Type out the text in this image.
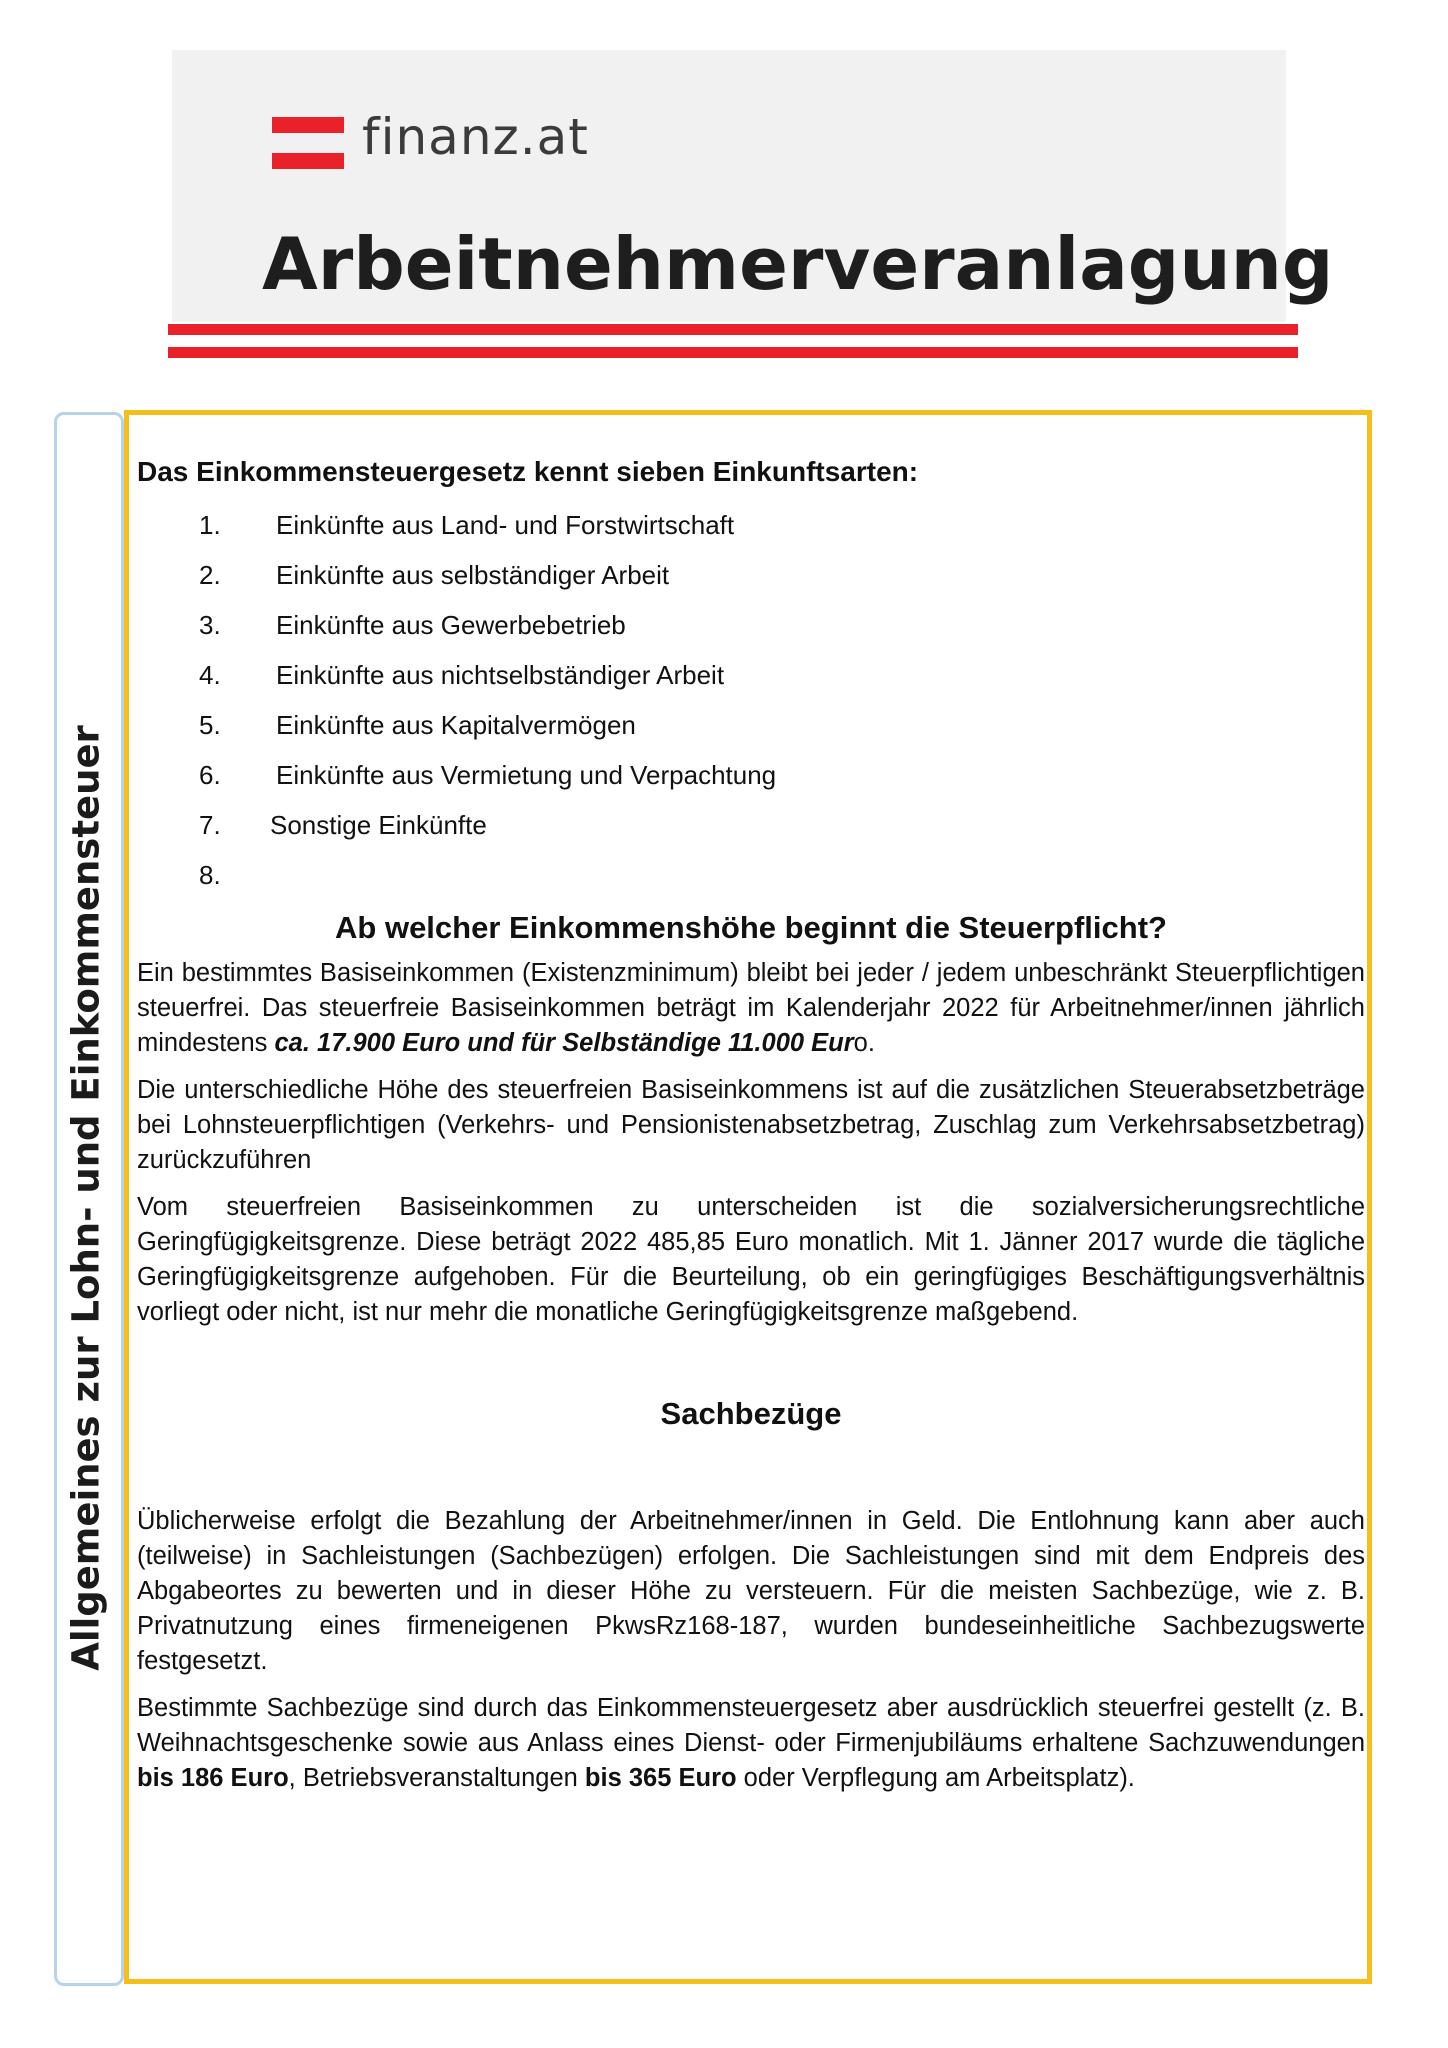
finanz.at
Arbeitnehmerveranlagung
Allgemeines zur Lohn- und Einkommensteuer
Das Einkommensteuergesetz kennt sieben Einkunftsarten:
1. Einkünfte aus Land- und Forstwirtschaft
2. Einkünfte aus selbständiger Arbeit
3. Einkünfte aus Gewerbebetrieb
4. Einkünfte aus nichtselbständiger Arbeit
5. Einkünfte aus Kapitalvermögen
6. Einkünfte aus Vermietung und Verpachtung
7. Sonstige Einkünfte
8.
Ab welcher Einkommenshöhe beginnt die Steuerpflicht?

Ein bestimmtes Basiseinkommen (Existenzminimum) bleibt bei jeder / jedem unbeschränkt Steuerpflichtigen steuerfrei. Das steuerfreie Basiseinkommen beträgt im Kalenderjahr 2022 für Arbeitnehmer/innen jährlich mindestens ca. 17.900 Euro und für Selbständige 11.000 Euro.

Die unterschiedliche Höhe des steuerfreien Basiseinkommens ist auf die zusätzlichen Steuerabsetzbeträge bei Lohnsteuerpflichtigen (Verkehrs- und Pensionistenabsetzbetrag, Zuschlag zum Verkehrsabsetzbetrag) zurückzuführen

Vom steuerfreien Basiseinkommen zu unterscheiden ist die sozialversicherungsrechtliche Geringfügigkeitsgrenze. Diese beträgt 2022 485,85 Euro monatlich. Mit 1. Jänner 2017 wurde die tägliche Geringfügigkeitsgrenze aufgehoben. Für die Beurteilung, ob ein geringfügiges Beschäftigungsverhältnis vorliegt oder nicht, ist nur mehr die monatliche Geringfügigkeitsgrenze maßgebend.

Sachbezüge

Üblicherweise erfolgt die Bezahlung der Arbeitnehmer/innen in Geld. Die Entlohnung kann aber auch (teilweise) in Sachleistungen (Sachbezügen) erfolgen. Die Sachleistungen sind mit dem Endpreis des Abgabeortes zu bewerten und in dieser Höhe zu versteuern. Für die meisten Sachbezüge, wie z. B. Privatnutzung eines firmeneigenen PkwsRz168-187, wurden bundeseinheitliche Sachbezugswerte festgesetzt.

Bestimmte Sachbezüge sind durch das Einkommensteuergesetz aber ausdrücklich steuerfrei gestellt (z. B. Weihnachtsgeschenke sowie aus Anlass eines Dienst- oder Firmenjubiläums erhaltene Sachzuwendungen bis 186 Euro, Betriebsveranstaltungen bis 365 Euro oder Verpflegung am Arbeitsplatz).
